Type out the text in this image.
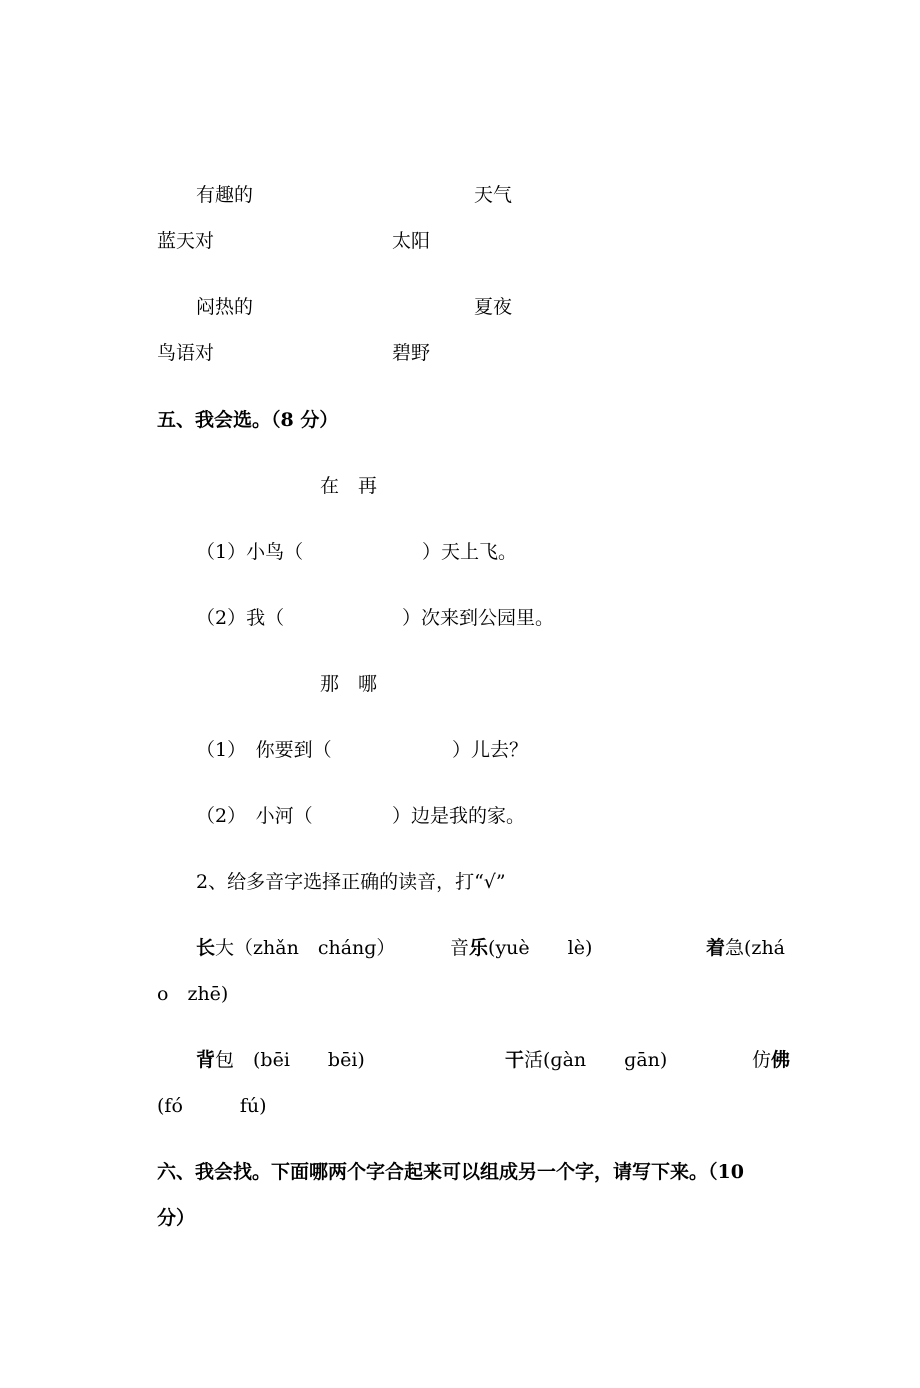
有趣的	天气
蓝天对	太阳
闷热的	夏夜
鸟语对	碧野
五、我会选。（8 分）
在　再
（1）小鸟（	）天上飞。
（2）我（	）次来到公园里。
那　哪
（1）　你要到（	）儿去？
（2）　小河（	）边是我的家。
2、给多音字选择正确的读音，打“√”
长大（zhǎn　chánɡ）	音乐(yuè　　lè)	着急(zhá
o　zhē)
背包　(bēi　　bēi)	干活(ɡàn　　ɡān)	仿佛
(fó　　　fú)
六、我会找。下面哪两个字合起来可以组成另一个字，请写下来。（10
分）
